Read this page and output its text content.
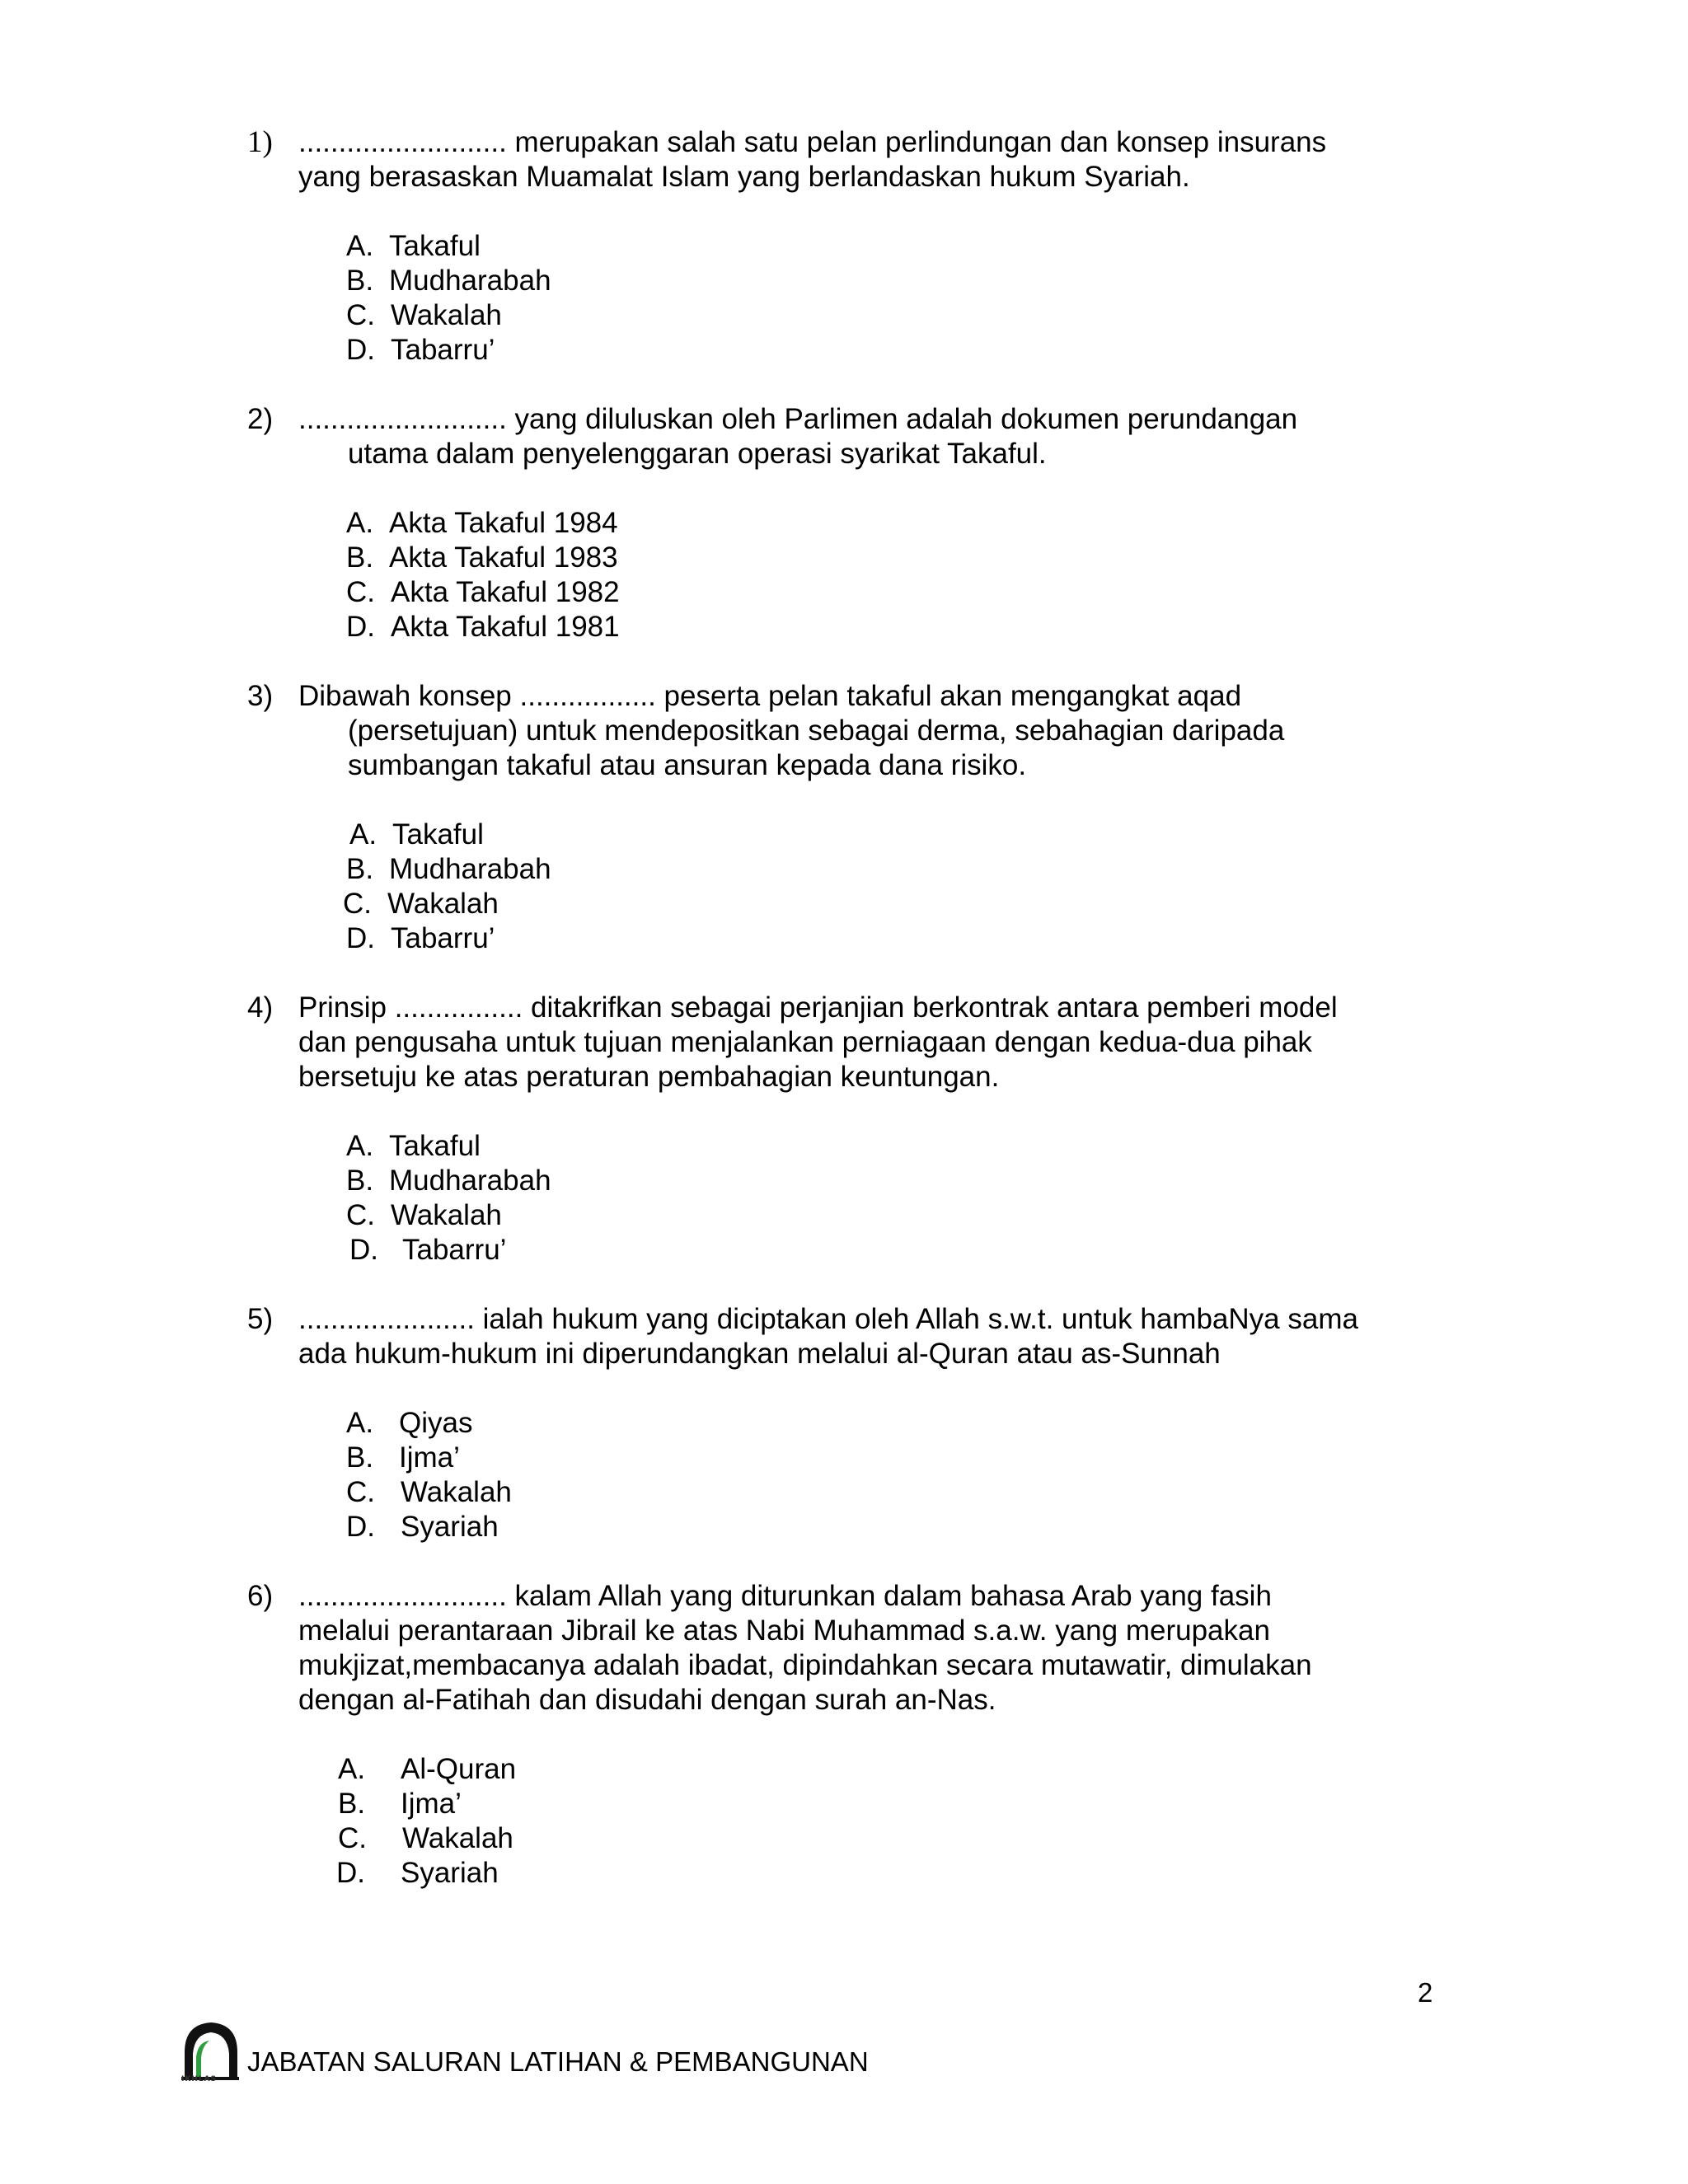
1) .......................... merupakan salah satu pelan perlindungan dan konsep insurans
yang berasaskan Muamalat Islam yang berlandaskan hukum Syariah.
A. Takaful
B. Mudharabah
C. Wakalah
D. Tabarru’
2) .......................... yang diluluskan oleh Parlimen adalah dokumen perundangan
utama dalam penyelenggaran operasi syarikat Takaful.
A. Akta Takaful 1984
B. Akta Takaful 1983
C. Akta Takaful 1982
D. Akta Takaful 1981
3) Dibawah konsep ................. peserta pelan takaful akan mengangkat aqad
(persetujuan) untuk mendepositkan sebagai derma, sebahagian daripada
sumbangan takaful atau ansuran kepada dana risiko.
A. Takaful
B. Mudharabah
C. Wakalah
D. Tabarru’
4) Prinsip ................ ditakrifkan sebagai perjanjian berkontrak antara pemberi model
dan pengusaha untuk tujuan menjalankan perniagaan dengan kedua-dua pihak
bersetuju ke atas peraturan pembahagian keuntungan.
A. Takaful
B. Mudharabah
C. Wakalah
D. Tabarru’
5) ...................... ialah hukum yang diciptakan oleh Allah s.w.t. untuk hambaNya sama
ada hukum-hukum ini diperundangkan melalui al-Quran atau as-Sunnah
A. Qiyas
B. Ijma’
C. Wakalah
D. Syariah
6) .......................... kalam Allah yang diturunkan dalam bahasa Arab yang fasih
melalui perantaraan Jibrail ke atas Nabi Muhammad s.a.w. yang merupakan
mukjizat,membacanya adalah ibadat, dipindahkan secara mutawatir, dimulakan
dengan al-Fatihah dan disudahi dengan surah an-Nas.
A. Al-Quran
B. Ijma’
C. Wakalah
D. Syariah
2
IKHLAS
JABATAN SALURAN LATIHAN & PEMBANGUNAN
